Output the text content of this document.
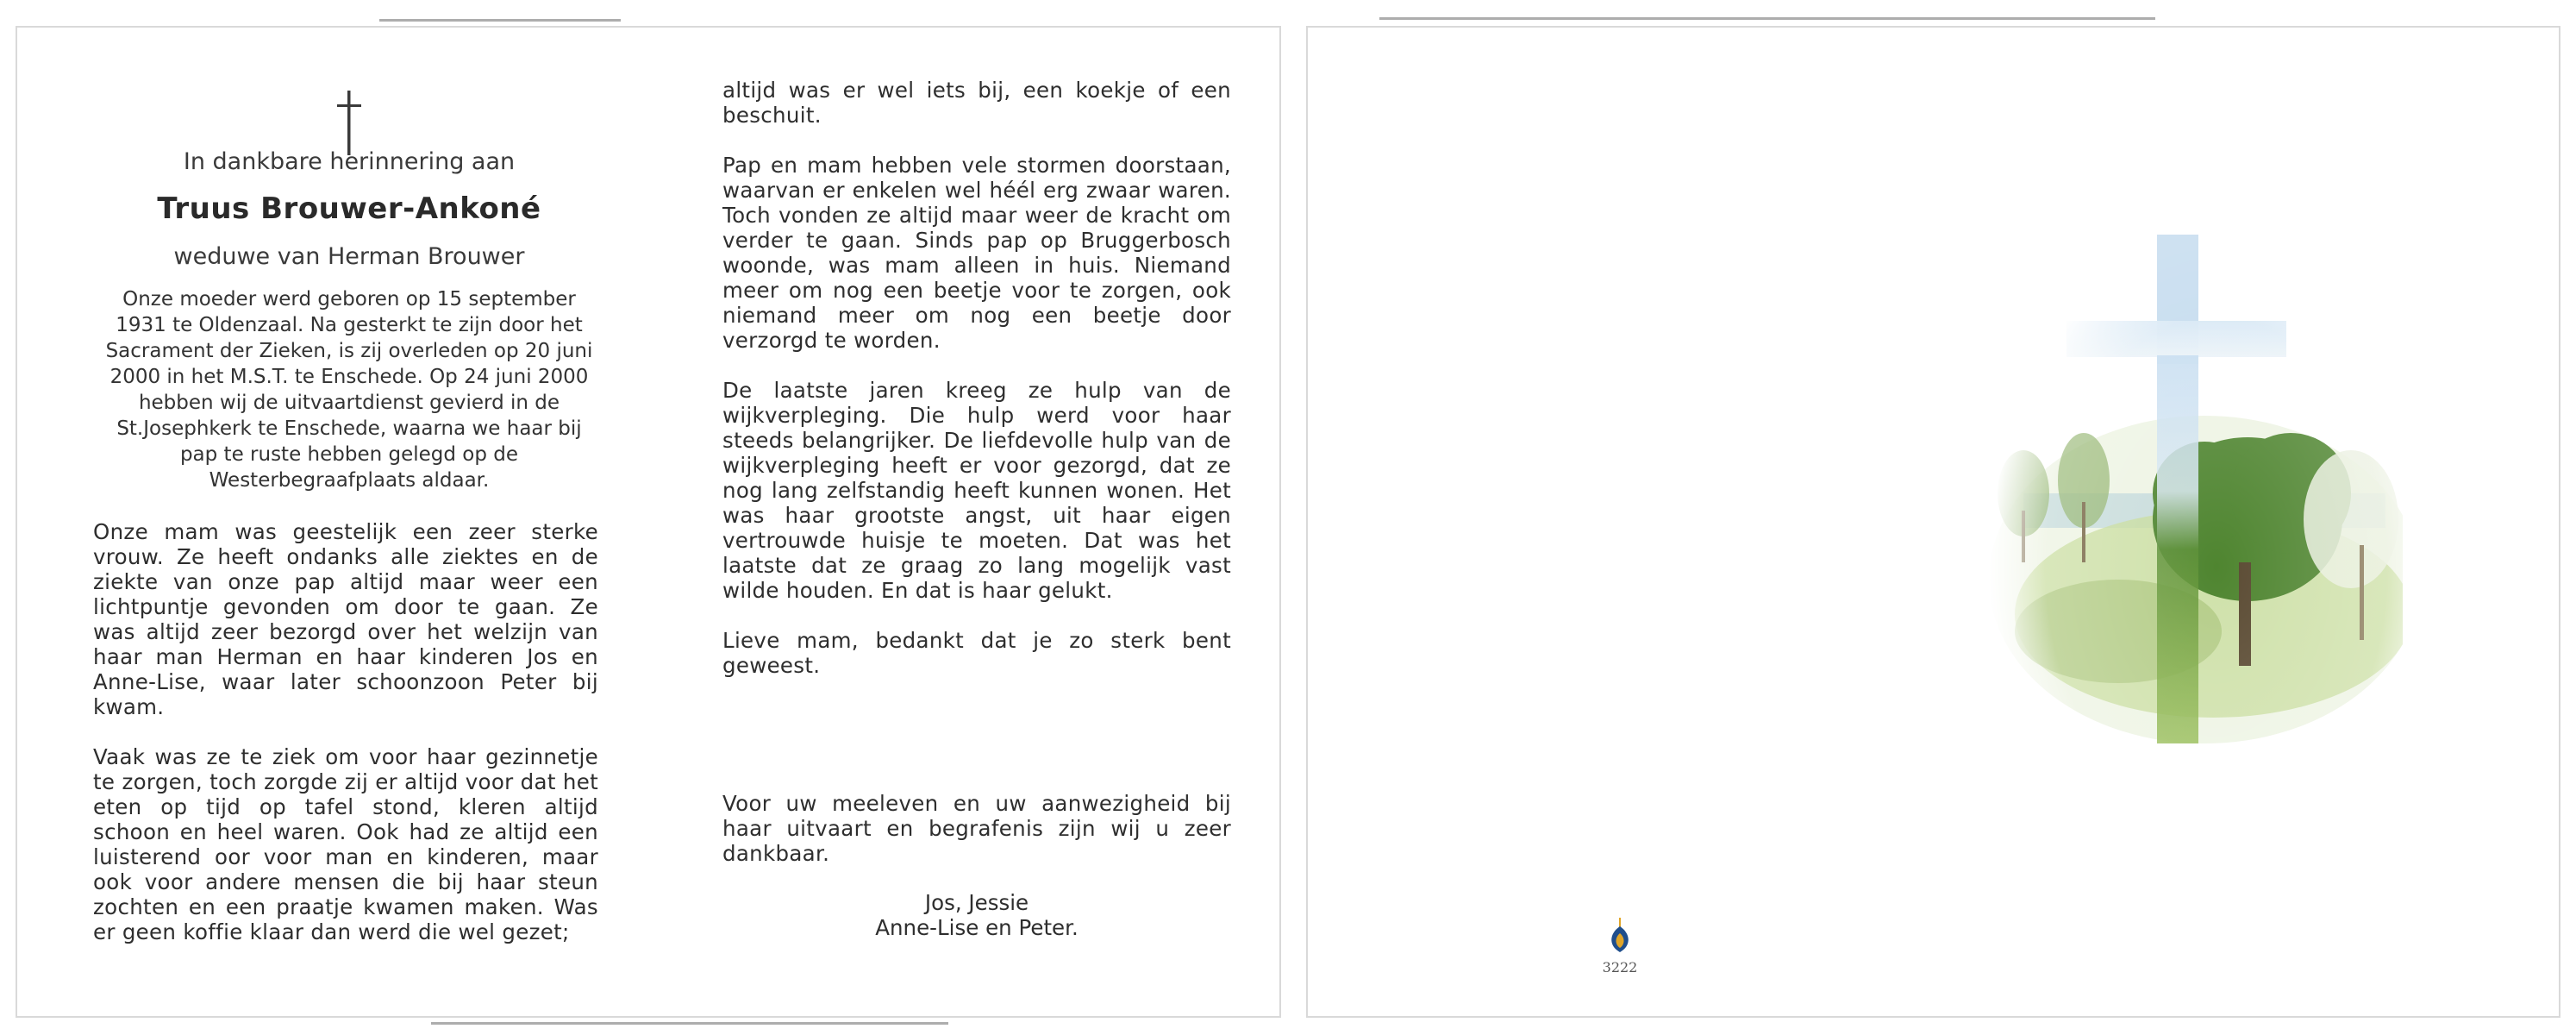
In dankbare herinnering aan
Truus Brouwer-Ankoné
weduwe van Herman Brouwer
Onze moeder werd geboren op 15 september
1931 te Oldenzaal. Na gesterkt te zijn door het
Sacrament der Zieken, is zij overleden op 20 juni
2000 in het M.S.T. te Enschede. Op 24 juni 2000
hebben wij de uitvaartdienst gevierd in de
St.Josephkerk te Enschede, waarna we haar bij
pap te ruste hebben gelegd op de
Westerbegraafplaats aldaar.

Onze mam was geestelijk een zeer sterke vrouw. Ze heeft ondanks alle ziektes en de ziekte van onze pap altijd maar weer een lichtpuntje gevonden om door te gaan. Ze was altijd zeer bezorgd over het welzijn van haar man Herman en haar kinderen Jos en Anne-Lise, waar later schoonzoon Peter bij kwam.

Vaak was ze te ziek om voor haar gezinnetje te zorgen, toch zorgde zij er altijd voor dat het eten op tijd op tafel stond, kleren altijd schoon en heel waren. Ook had ze altijd een luisterend oor voor man en kinderen, maar ook voor andere mensen die bij haar steun zochten en een praatje kwamen maken. Was er geen koffie klaar dan werd die wel gezet;

altijd was er wel iets bij, een koekje of een beschuit.

Pap en mam hebben vele stormen doorstaan, waarvan er enkelen wel héél erg zwaar waren. Toch vonden ze altijd maar weer de kracht om verder te gaan. Sinds pap op Bruggerbosch woonde, was mam alleen in huis. Niemand meer om nog een beetje voor te zorgen, ook niemand meer om nog een beetje door verzorgd te worden.

De laatste jaren kreeg ze hulp van de wijkverpleging. Die hulp werd voor haar steeds belangrijker. De liefdevolle hulp van de wijkverpleging heeft er voor gezorgd, dat ze nog lang zelfstandig heeft kunnen wonen. Het was haar grootste angst, uit haar eigen vertrouwde huisje te moeten. Dat was het laatste dat ze graag zo lang mogelijk vast wilde houden. En dat is haar gelukt.

Lieve mam, bedankt dat je zo sterk bent geweest.

Voor uw meeleven en uw aanwezigheid bij haar uitvaart en begrafenis zijn wij u zeer dankbaar.
Jos, Jessie
Anne-Lise en Peter.
3222
